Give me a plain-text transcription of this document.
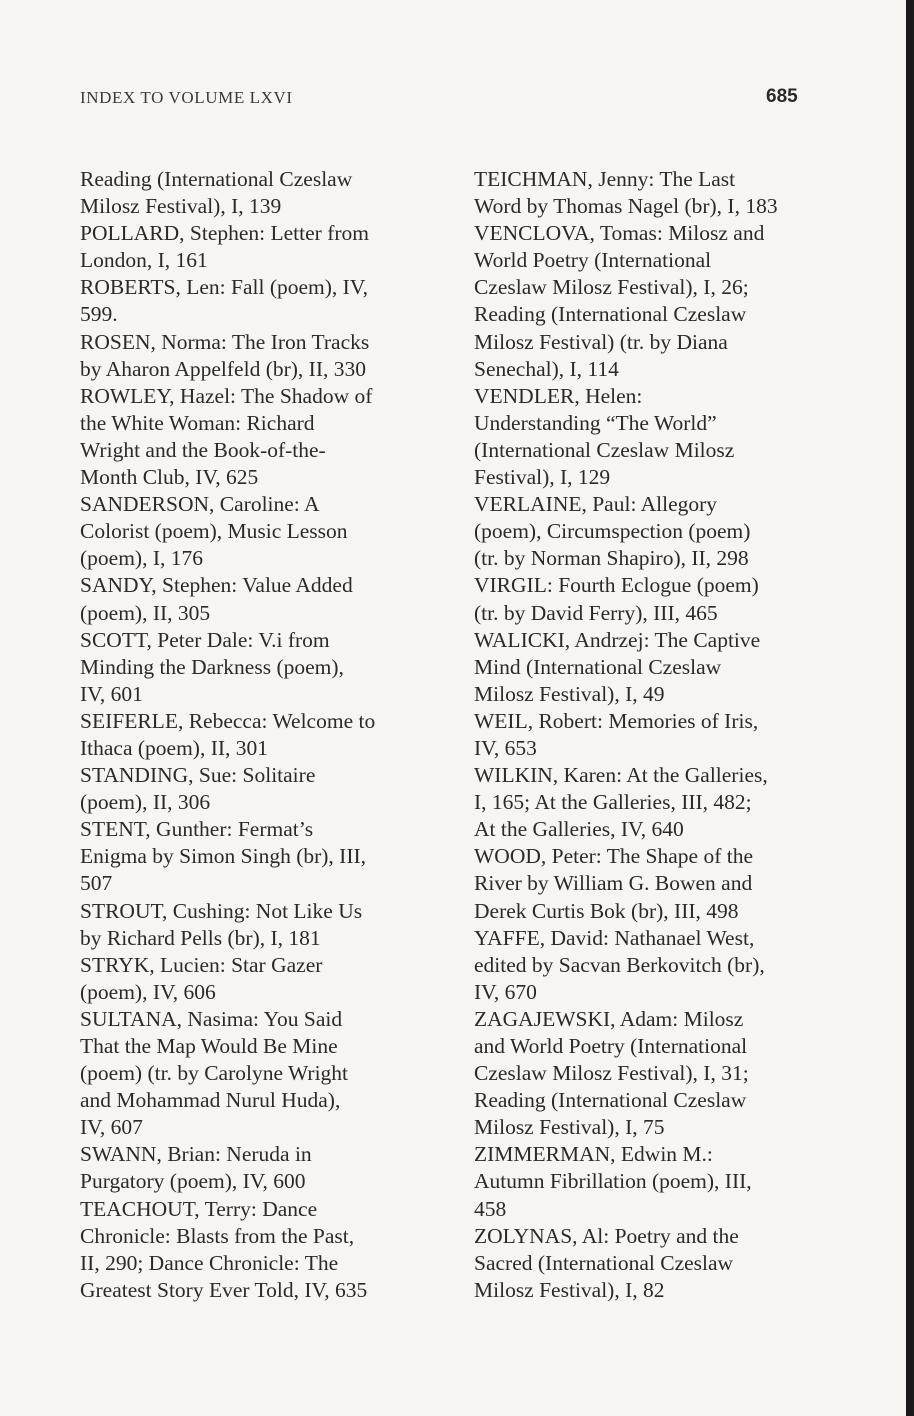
INDEX TO VOLUME LXVI	685

Reading (International Czeslaw
Milosz Festival), I, 139

POLLARD, Stephen: Letter from
London, I, 161

ROBERTS, Len: Fall (poem), IV,
599.

ROSEN, Norma: The Iron Tracks
by Aharon Appelfeld (br), II, 330

ROWLEY, Hazel: The Shadow of
the White Woman: Richard
Wright and the Book-of-the-
Month Club, IV, 625

SANDERSON, Caroline: A
Colorist (poem), Music Lesson
(poem), I, 176

SANDY, Stephen: Value Added
(poem), II, 305

SCOTT, Peter Dale: V.i from
Minding the Darkness (poem),
IV, 601

SEIFERLE, Rebecca: Welcome to
Ithaca (poem), II, 301

STANDING, Sue: Solitaire
(poem), II, 306

STENT, Gunther: Fermat’s
Enigma by Simon Singh (br), III,
507

STROUT, Cushing: Not Like Us
by Richard Pells (br), I, 181

STRYK, Lucien: Star Gazer
(poem), IV, 606

SULTANA, Nasima: You Said
That the Map Would Be Mine
(poem) (tr. by Carolyne Wright
and Mohammad Nurul Huda),
IV, 607

SWANN, Brian: Neruda in
Purgatory (poem), IV, 600

TEACHOUT, Terry: Dance
Chronicle: Blasts from the Past,
II, 290; Dance Chronicle: The
Greatest Story Ever Told, IV, 635

TEICHMAN, Jenny: The Last
Word by Thomas Nagel (br), I, 183

VENCLOVA, Tomas: Milosz and
World Poetry (International
Czeslaw Milosz Festival), I, 26;
Reading (International Czeslaw
Milosz Festival) (tr. by Diana
Senechal), I, 114

VENDLER, Helen:
Understanding “The World”
(International Czeslaw Milosz
Festival), I, 129

VERLAINE, Paul: Allegory
(poem), Circumspection (poem)
(tr. by Norman Shapiro), II, 298

VIRGIL: Fourth Eclogue (poem)
(tr. by David Ferry), III, 465

WALICKI, Andrzej: The Captive
Mind (International Czeslaw
Milosz Festival), I, 49

WEIL, Robert: Memories of Iris,
IV, 653

WILKIN, Karen: At the Galleries,
I, 165; At the Galleries, III, 482;
At the Galleries, IV, 640

WOOD, Peter: The Shape of the
River by William G. Bowen and
Derek Curtis Bok (br), III, 498

YAFFE, David: Nathanael West,
edited by Sacvan Berkovitch (br),
IV, 670

ZAGAJEWSKI, Adam: Milosz
and World Poetry (International
Czeslaw Milosz Festival), I, 31;
Reading (International Czeslaw
Milosz Festival), I, 75

ZIMMERMAN, Edwin M.:
Autumn Fibrillation (poem), III,
458

ZOLYNAS, Al: Poetry and the
Sacred (International Czeslaw
Milosz Festival), I, 82
